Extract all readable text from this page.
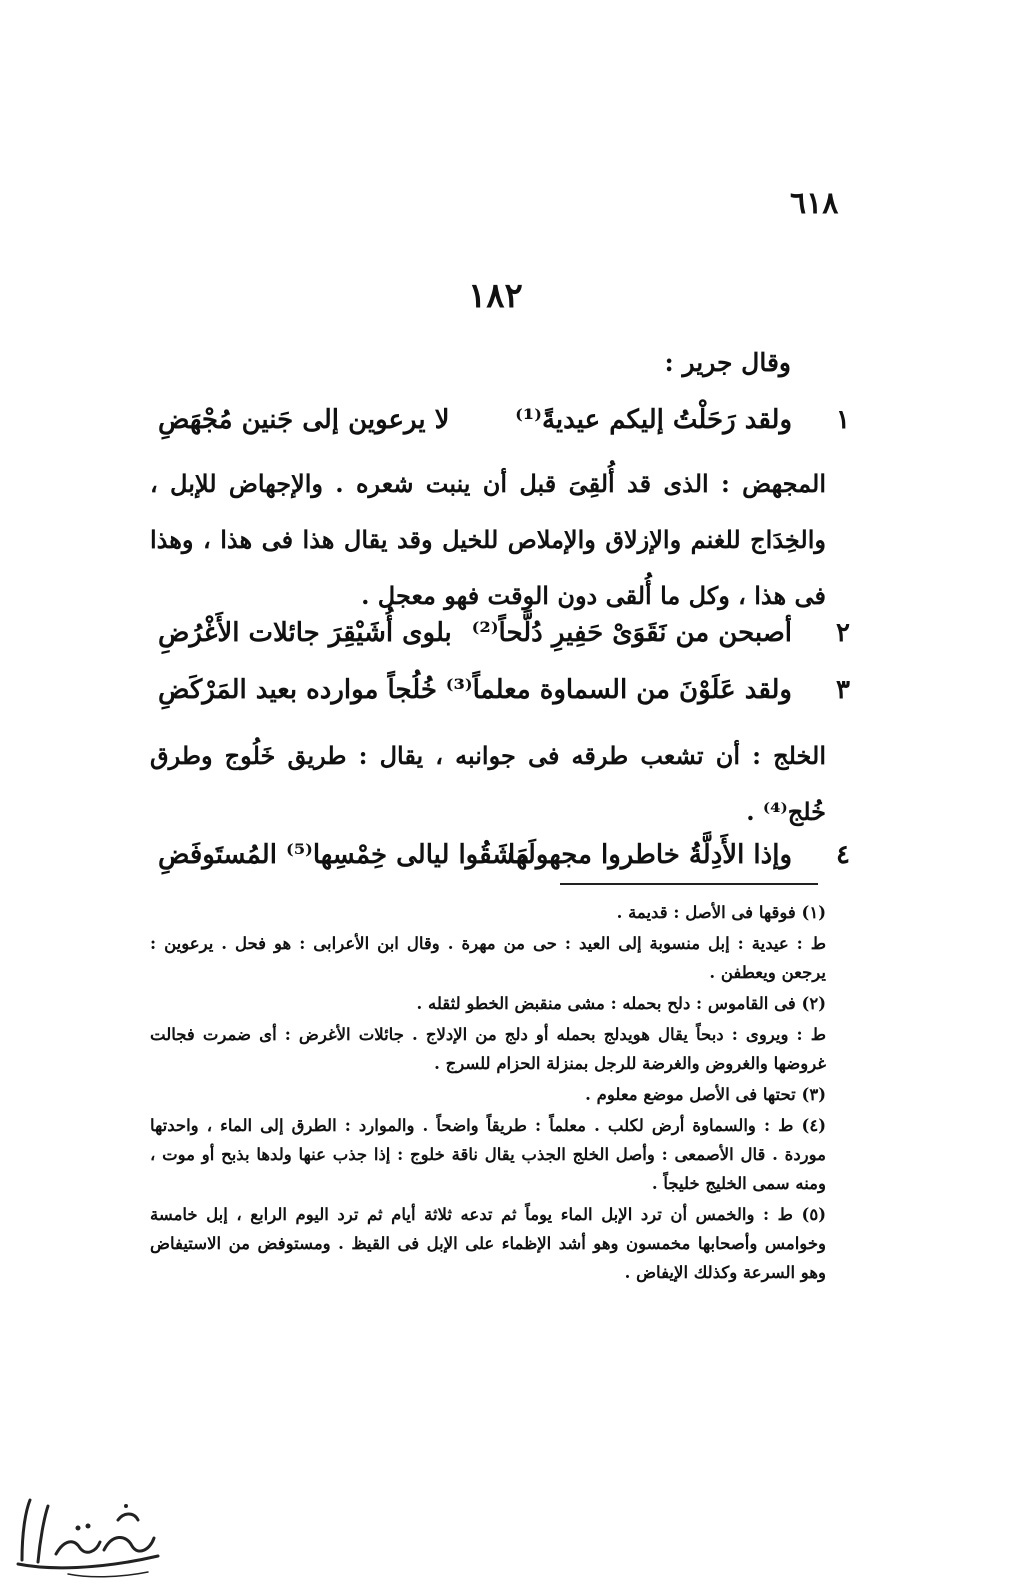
٦١٨
١٨٢
وقال جرير :
١
ولقد رَحَلْتُ إليكم عيديةً⁽¹⁾
لا يرعوين إلى جَنين مُجْهَضِ
المجهض : الذى قد أُلقِىَ قبل أن ينبت شعره . والإجهاض للإبل ، والخِدَاج للغنم والإزلاق والإملاص للخيل وقد يقال هذا فى هذا ، وهذا فى هذا ، وكل ما أُلقى دون الوقت فهو معجل .
٢
أصبحن من نَقَوَىْ حَفِيرِ دُلَّحاً⁽²⁾
بلوى أُشَيْقِرَ جائلات الأَغْرُضِ
٣
ولقد عَلَوْنَ من السماوة معلماً⁽³⁾
خُلُجاً موارده بعيد المَرْكَضِ
الخلج : أن تشعب طرقه فى جوانبه ، يقال : طريق خَلُوج وطرق خُلج⁽⁴⁾ .
٤
وإذا الأَدِلَّةُ خاطروا مجهولَها
مَشَقُوا ليالى خِمْسِها⁽⁵⁾ المُستَوفَضِ

(١) فوقها فى الأصل : قديمة .

ط : عيدية : إبل منسوبة إلى العيد : حى من مهرة . وقال ابن الأعرابى : هو فحل . يرعوين : يرجعن ويعطفن .

(٢) فى القاموس : دلح بحمله : مشى منقبض الخطو لثقله .

ط : ويروى : دبحاً يقال هويدلج بحمله أو دلج من الإدلاج . جائلات الأغرض : أى ضمرت فجالت غروضها والغروض والغرضة للرجل بمنزلة الحزام للسرج .

(٣) تحتها فى الأصل موضع معلوم .

(٤) ط : والسماوة أرض لكلب . معلماً : طريقاً واضحاً . والموارد : الطرق إلى الماء ، واحدتها موردة . قال الأصمعى : وأصل الخلج الجذب يقال ناقة خلوج : إذا جذب عنها ولدها بذبح أو موت ، ومنه سمى الخليج خليجاً .

(٥) ط : والخمس أن ترد الإبل الماء يوماً ثم تدعه ثلاثة أيام ثم ترد اليوم الرابع ، إبل خامسة وخوامس وأصحابها مخمسون وهو أشد الإظماء على الإبل فى القيظ . ومستوفض من الاستيفاض وهو السرعة وكذلك الإيفاض .
